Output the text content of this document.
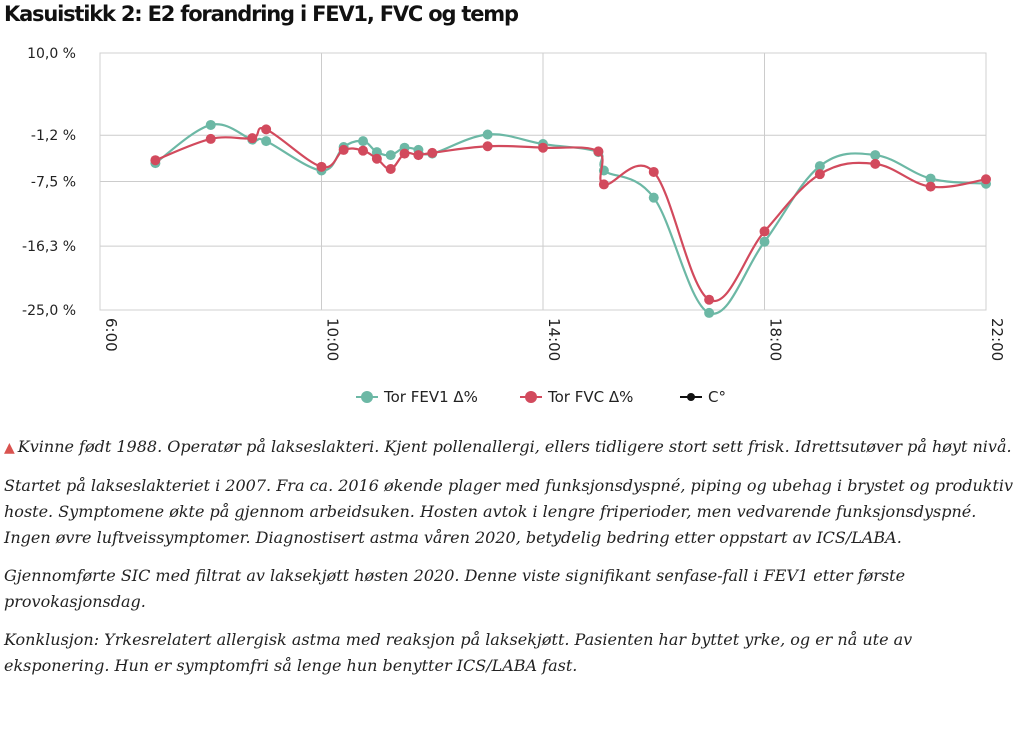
Kasuistikk 2: E2 forandring i FEV1, FVC og temp
10,0 %
-1,2 %
-7,5 %
-16,3 %
-25,0 %
6:00	10:00	14:00	18:00	22:00
Tor FEV1 Δ%	Tor FVC Δ%	C°

▲ Kvinne født 1988. Operatør på lakseslakteri. Kjent pollenallergi, ellers tidligere stort sett frisk. Idrettsutøver på høyt nivå.

Startet på lakseslakteriet i 2007. Fra ca. 2016 økende plager med funksjonsdyspné, piping og ubehag i brystet og produktiv hoste. Symptomene økte på gjennom arbeidsuken. Hosten avtok i lengre friperioder, men vedvarende funksjonsdyspné. Ingen øvre luftveissymptomer. Diagnostisert astma våren 2020, betydelig bedring etter oppstart av ICS/LABA.

Gjennomførte SIC med filtrat av laksekjøtt høsten 2020. Denne viste signifikant senfase-fall i FEV1 etter første provokasjonsdag.

Konklusjon: Yrkesrelatert allergisk astma med reaksjon på laksekjøtt. Pasienten har byttet yrke, og er nå ute av eksponering. Hun er symptomfri så lenge hun benytter ICS/LABA fast.
